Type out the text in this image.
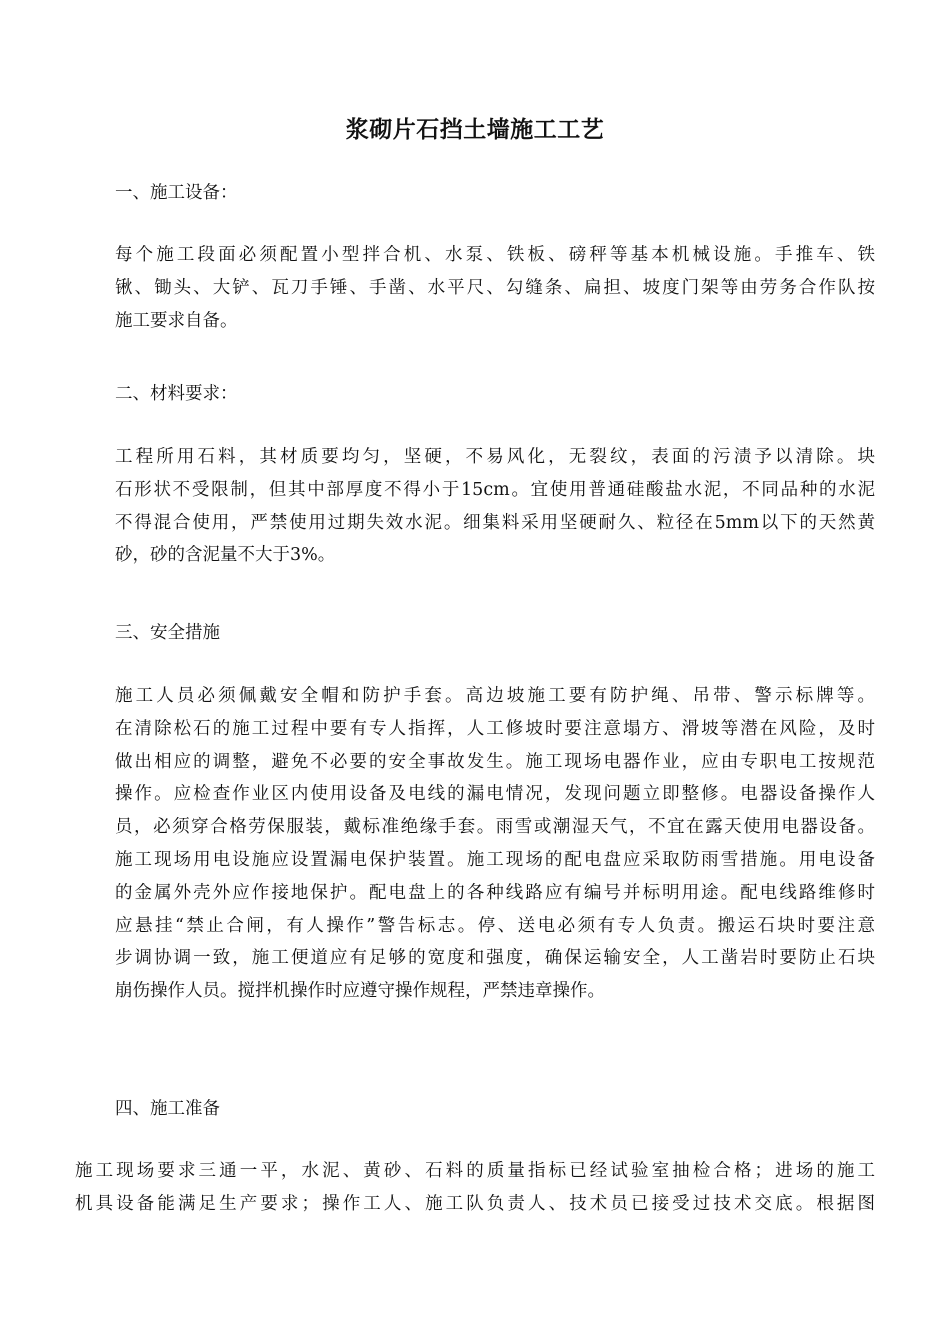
浆砌片石挡土墙施工工艺

一、施工设备：

每个施工段面必须配置小型拌合机、水泵、铁板、磅秤等基本机械设施。手推车、铁
锹、锄头、大铲、瓦刀手锤、手凿、水平尺、勾缝条、扁担、坡度门架等由劳务合作队按
施工要求自备。

二、材料要求：

工程所用石料，其材质要均匀，坚硬，不易风化，无裂纹，表面的污渍予以清除。块
石形状不受限制，但其中部厚度不得小于15cm。宜使用普通硅酸盐水泥，不同品种的水泥
不得混合使用，严禁使用过期失效水泥。细集料采用坚硬耐久、粒径在5mm以下的天然黄
砂，砂的含泥量不大于3%。

三、安全措施

施工人员必须佩戴安全帽和防护手套。高边坡施工要有防护绳、吊带、警示标牌等。
在清除松石的施工过程中要有专人指挥，人工修坡时要注意塌方、滑坡等潜在风险，及时
做出相应的调整，避免不必要的安全事故发生。施工现场电器作业，应由专职电工按规范
操作。应检查作业区内使用设备及电线的漏电情况，发现问题立即整修。电器设备操作人
员，必须穿合格劳保服装，戴标准绝缘手套。雨雪或潮湿天气，不宜在露天使用电器设备。
施工现场用电设施应设置漏电保护装置。施工现场的配电盘应采取防雨雪措施。用电设备
的金属外壳外应作接地保护。配电盘上的各种线路应有编号并标明用途。配电线路维修时
应悬挂“禁止合闸，有人操作”警告标志。停、送电必须有专人负责。搬运石块时要注意
步调协调一致，施工便道应有足够的宽度和强度，确保运输安全，人工凿岩时要防止石块
崩伤操作人员。搅拌机操作时应遵守操作规程，严禁违章操作。

四、施工准备

施工现场要求三通一平，水泥、黄砂、石料的质量指标已经试验室抽检合格；进场的施工
机具设备能满足生产要求；操作工人、施工队负责人、技术员已接受过技术交底。根据图
